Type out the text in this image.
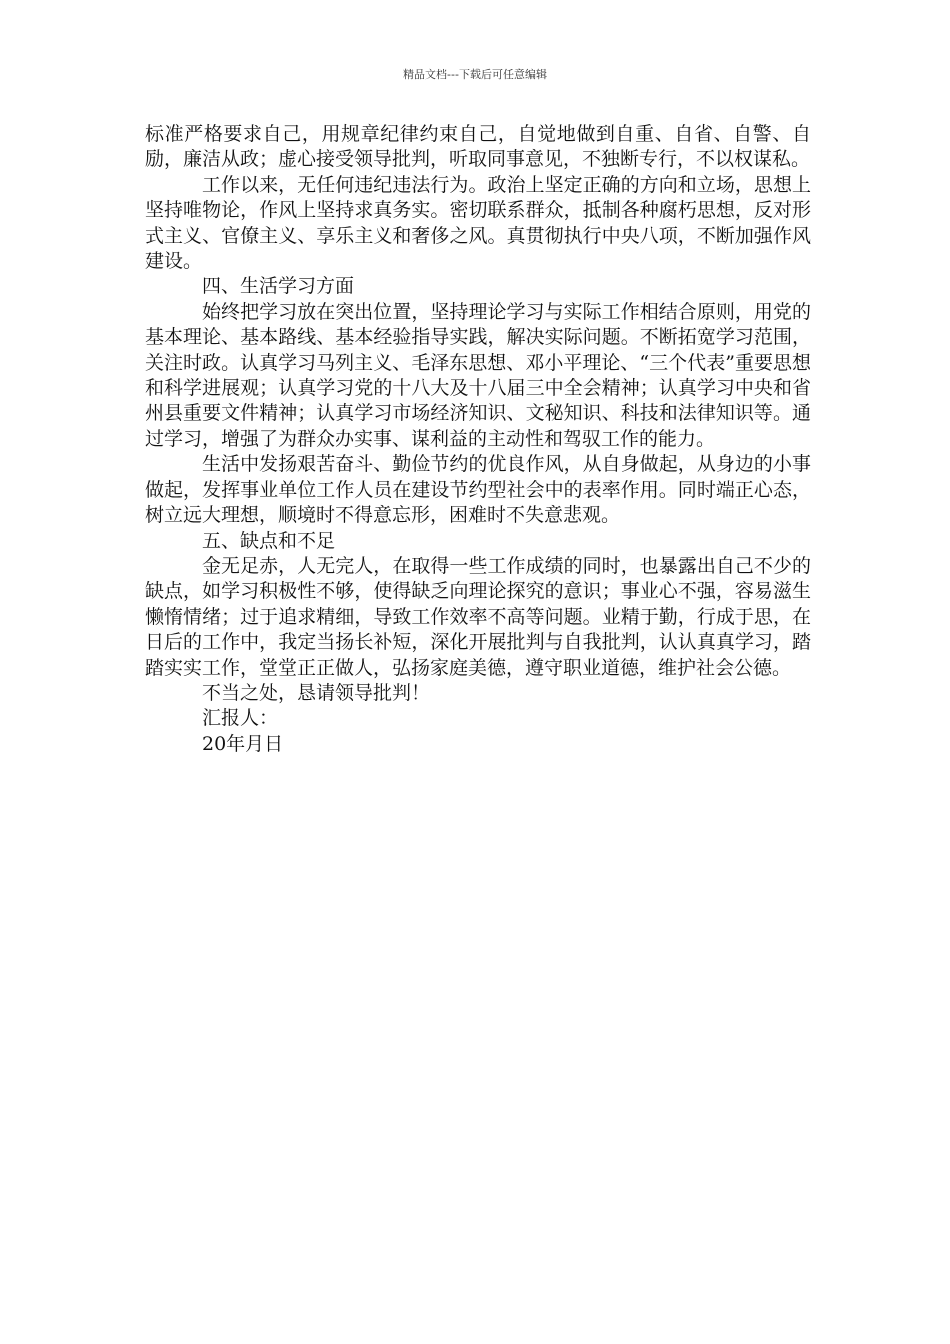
精品文档---下载后可任意编辑

标准严格要求自己，用规章纪律约束自己，自觉地做到自重、自省、自警、自励，廉洁从政；虚心接受领导批判，听取同事意见，不独断专行，不以权谋私。

工作以来，无任何违纪违法行为。政治上坚定正确的方向和立场，思想上坚持唯物论，作风上坚持求真务实。密切联系群众，抵制各种腐朽思想，反对形式主义、官僚主义、享乐主义和奢侈之风。真贯彻执行中央八项，不断加强作风建设。

四、生活学习方面

始终把学习放在突出位置，坚持理论学习与实际工作相结合原则，用党的基本理论、基本路线、基本经验指导实践，解决实际问题。不断拓宽学习范围，关注时政。认真学习马列主义、毛泽东思想、邓小平理论、“三个代表”重要思想和科学进展观；认真学习党的十八大及十八届三中全会精神；认真学习中央和省州县重要文件精神；认真学习市场经济知识、文秘知识、科技和法律知识等。通过学习，增强了为群众办实事、谋利益的主动性和驾驭工作的能力。

生活中发扬艰苦奋斗、勤俭节约的优良作风，从自身做起，从身边的小事做起，发挥事业单位工作人员在建设节约型社会中的表率作用。同时端正心态，树立远大理想，顺境时不得意忘形，困难时不失意悲观。

五、缺点和不足

金无足赤，人无完人，在取得一些工作成绩的同时，也暴露出自己不少的缺点，如学习积极性不够，使得缺乏向理论探究的意识；事业心不强，容易滋生懒惰情绪；过于追求精细，导致工作效率不高等问题。业精于勤，行成于思，在日后的工作中，我定当扬长补短，深化开展批判与自我批判，认认真真学习，踏踏实实工作，堂堂正正做人，弘扬家庭美德，遵守职业道德，维护社会公德。

不当之处，恳请领导批判！

汇报人：

20年月日
